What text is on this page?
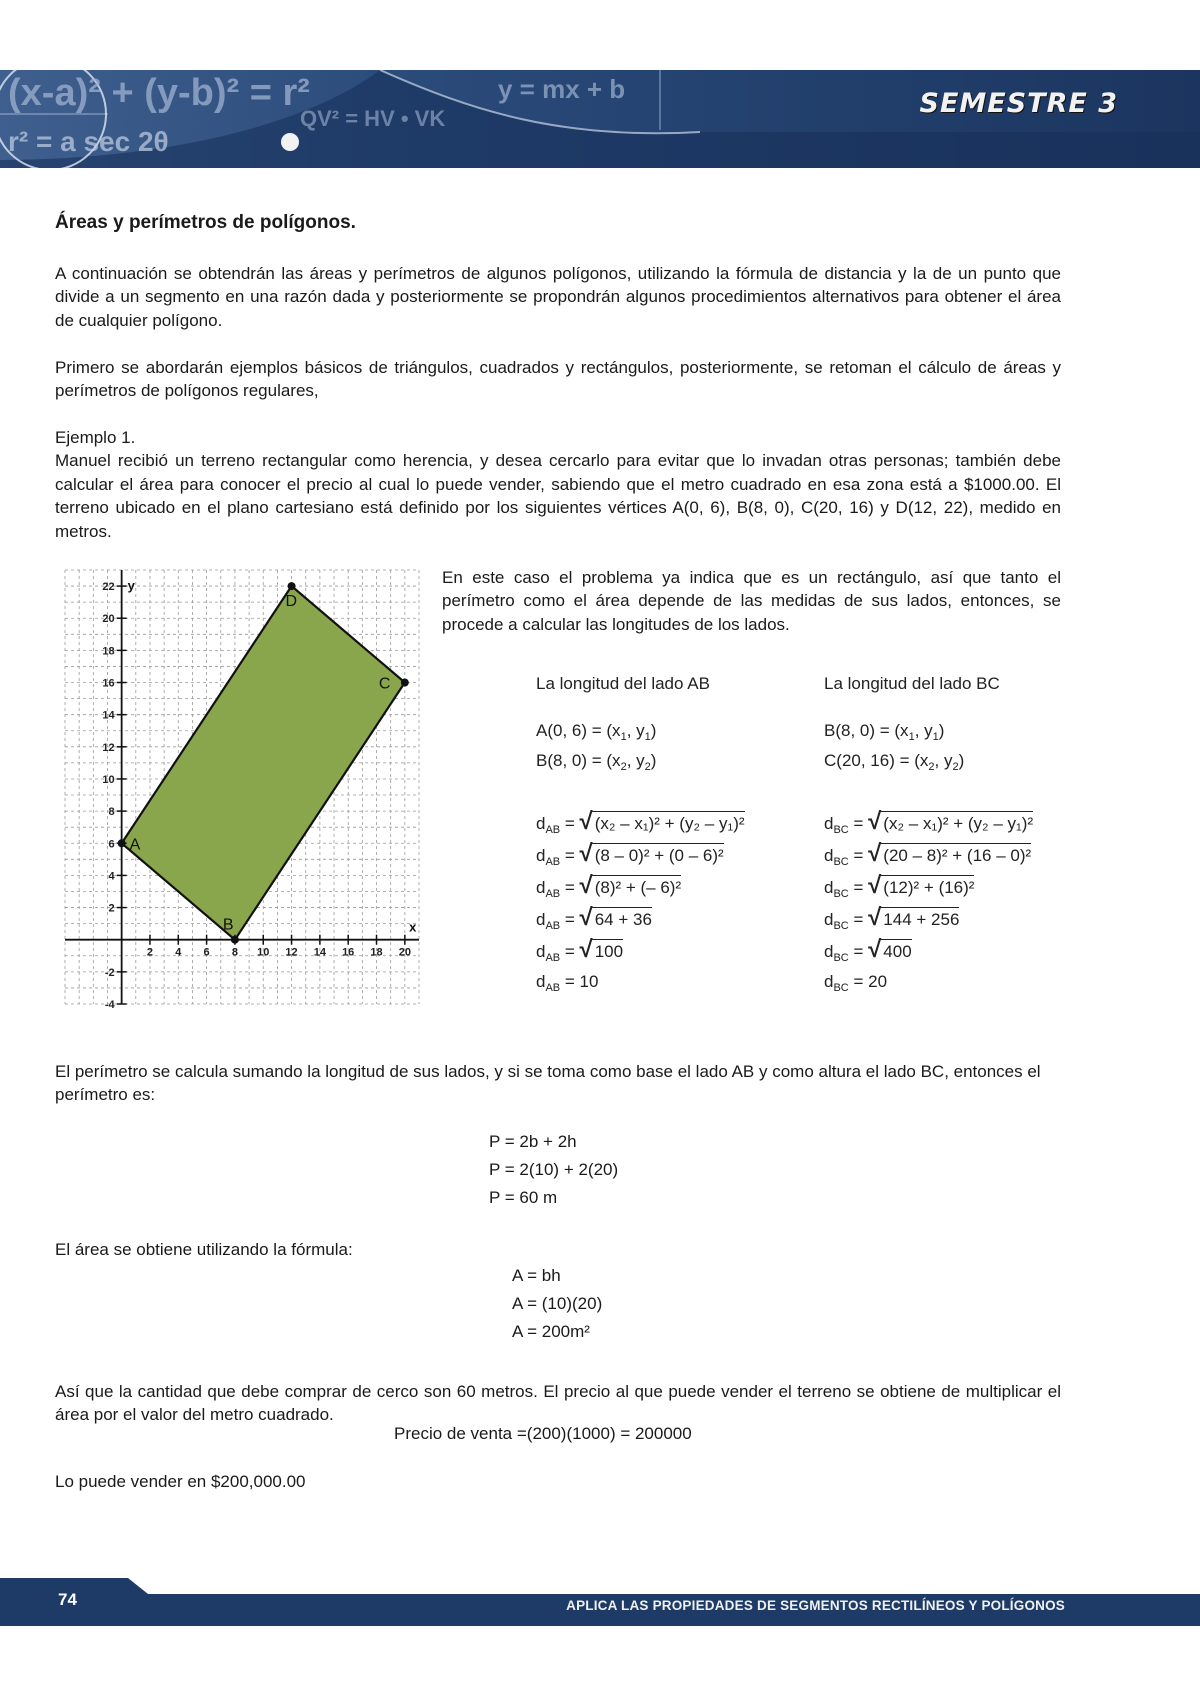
(x-a)² + (y-b)² = r²	y = mx + b
QV² = HV • VK
r² = a sec 2θ
SEMESTRE 3
Áreas y perímetros de polígonos.
A continuación se obtendrán las áreas y perímetros de algunos polígonos, utilizando la fórmula de distancia y la de un punto que divide a un segmento en una razón dada y posteriormente se propondrán algunos procedimientos alternativos para obtener el área de cualquier polígono.
Primero se abordarán ejemplos básicos de triángulos, cuadrados y rectángulos, posteriormente, se retoman el cálculo de áreas y perímetros de polígonos regulares,
Ejemplo 1.
Manuel recibió un terreno rectangular como herencia, y desea cercarlo para evitar que lo invadan otras personas; también debe calcular el área para conocer el precio al cual lo puede vender, sabiendo que el metro cuadrado en esa zona está a $1000.00. El terreno ubicado en el plano cartesiano está definido por los siguientes vértices A(0, 6), B(8, 0), C(20, 16) y D(12, 22), medido en metros.
2 4 6 8 10 12 14 16 18 20
-4
-2
2
4
6
8
10
12
14
16
18
20
22
x
y
A
B
C
D
En este caso el problema ya indica que es un rectángulo, así que tanto el perímetro como el área depende de las medidas de sus lados, entonces, se procede a calcular las longitudes de los lados.
La longitud del lado AB
A(0, $6) = (x_1$, $y_1$)
B(8, $0) = (x_2$, $y_2$)
$d_{AB}$ = √ (x₂ – x₁)² + (y₂ – y₁)²
$d_{AB}$ = √ (8 – 0)² + (0 – 6)²
$d_{AB}$ = √ (8)² + (– 6)²
$d_{AB}$ = √ 64 + 36
$d_{AB}$ = √ 100
$d_{AB} = 10$
La longitud del lado BC
B(8, $0) = (x_1$, $y_1$)
C(20, $16) = (x_2$, $y_2$)
$d_{BC}$ = √ (x₂ – x₁)² + (y₂ – y₁)²
$d_{BC}$ = √ (20 – 8)² + (16 – 0)²
$d_{BC}$ = √ (12)² + (16)²
$d_{BC}$ = √ 144 + 256
$d_{BC}$ = √ 400
$d_{BC} = 20$
El perímetro se calcula sumando la longitud de sus lados, y si se toma como base el lado AB y como altura el lado BC, entonces el perímetro es:
P = 2b + 2h
P = 2(10) + 2(20)
P = 60 m
El área se obtiene utilizando la fórmula:
A = bh
A = (10)(20)
A = 200m²
Así que la cantidad que debe comprar de cerco son 60 metros. El precio al que puede vender el terreno se obtiene de multiplicar el área por el valor del metro cuadrado.
Precio de venta =(200)(1000) = 200000
Lo puede vender en $200,000.00
74	APLICA LAS PROPIEDADES DE SEGMENTOS RECTILÍNEOS Y POLÍGONOS
